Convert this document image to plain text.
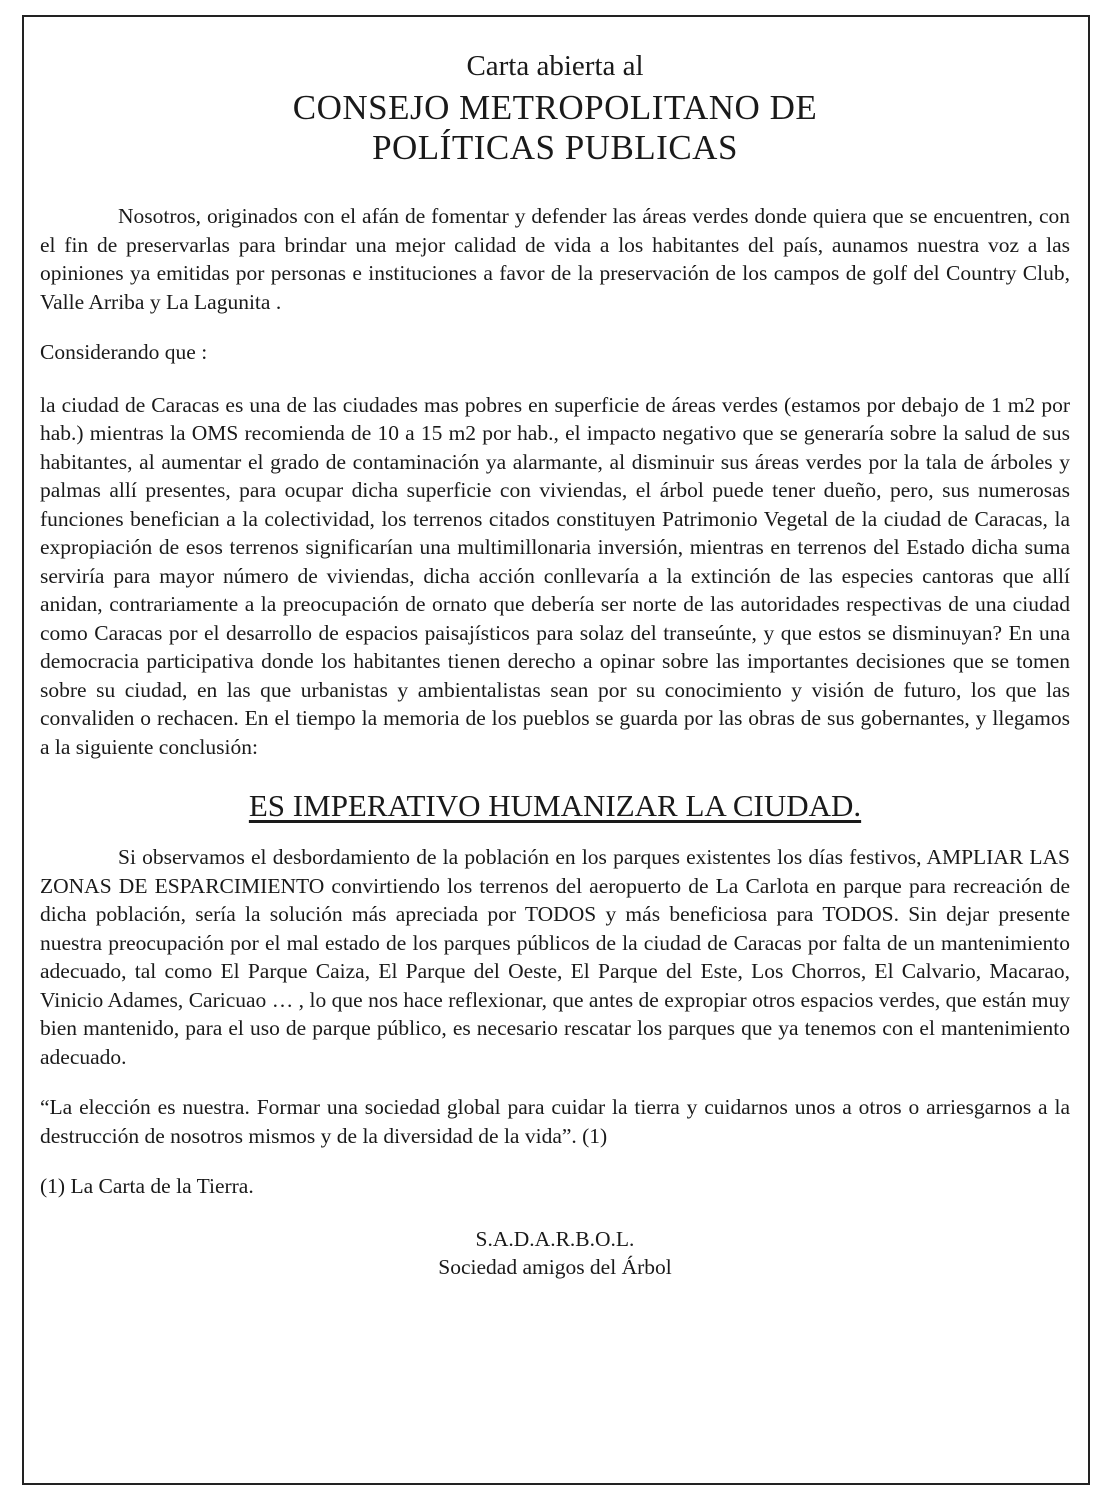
Carta abierta al
CONSEJO METROPOLITANO DE
POLÍTICAS PUBLICAS

Nosotros, originados con el afán de fomentar y defender las áreas verdes donde quiera que se encuentren, con el fin de preservarlas para brindar una mejor calidad de vida a los habitantes del país, aunamos nuestra voz a las opiniones ya emitidas por personas e instituciones a favor de la preservación de los campos de golf del Country Club, Valle Arriba y La Lagunita .

Considerando que :

la ciudad de Caracas es una de las ciudades mas pobres en superficie de áreas verdes (estamos por debajo de 1 m2 por hab.) mientras la OMS recomienda de 10 a 15 m2 por hab., el impacto negativo que se generaría sobre la salud de sus habitantes, al aumentar el grado de contaminación ya alarmante, al disminuir sus áreas verdes por la tala de árboles y palmas allí presentes, para ocupar dicha superficie con viviendas, el árbol puede tener dueño, pero, sus numerosas funciones benefician a la colectividad, los terrenos citados constituyen Patrimonio Vegetal de la ciudad de Caracas, la expropiación de esos terrenos significarían una multimillonaria inversión, mientras en terrenos del Estado dicha suma serviría para mayor número de viviendas, dicha acción conllevaría a la extinción de las especies cantoras que allí anidan, contrariamente a la preocupación de ornato que debería ser norte de las autoridades respectivas de una ciudad como Caracas por el desarrollo de espacios paisajísticos para solaz del transeúnte, y que estos se disminuyan? En una democracia participativa donde los habitantes tienen derecho a opinar sobre las importantes decisiones que se tomen sobre su ciudad, en las que urbanistas y ambientalistas sean por su conocimiento y visión de futuro, los que las convaliden o rechacen. En el tiempo la memoria de los pueblos se guarda por las obras de sus gobernantes, y llegamos a la siguiente conclusión:

ES IMPERATIVO HUMANIZAR LA CIUDAD.

Si observamos el desbordamiento de la población en los parques existentes los días festivos, AMPLIAR LAS ZONAS DE ESPARCIMIENTO convirtiendo los terrenos del aeropuerto de La Carlota en parque para recreación de dicha población, sería la solución más apreciada por TODOS y más beneficiosa para TODOS. Sin dejar presente nuestra preocupación por el mal estado de los parques públicos de la ciudad de Caracas por falta de un mantenimiento adecuado, tal como El Parque Caiza, El Parque del Oeste, El Parque del Este, Los Chorros, El Calvario, Macarao, Vinicio Adames, Caricuao … , lo que nos hace reflexionar, que antes de expropiar otros espacios verdes, que están muy bien mantenido, para el uso de parque público, es necesario rescatar los parques que ya tenemos con el mantenimiento adecuado.

“La elección es nuestra. Formar una sociedad global para cuidar la tierra y cuidarnos unos a otros o arriesgarnos a la destrucción de nosotros mismos y de la diversidad de la vida”. (1)

(1) La Carta de la Tierra.

S.A.D.A.R.B.O.L.
Sociedad amigos del Árbol
